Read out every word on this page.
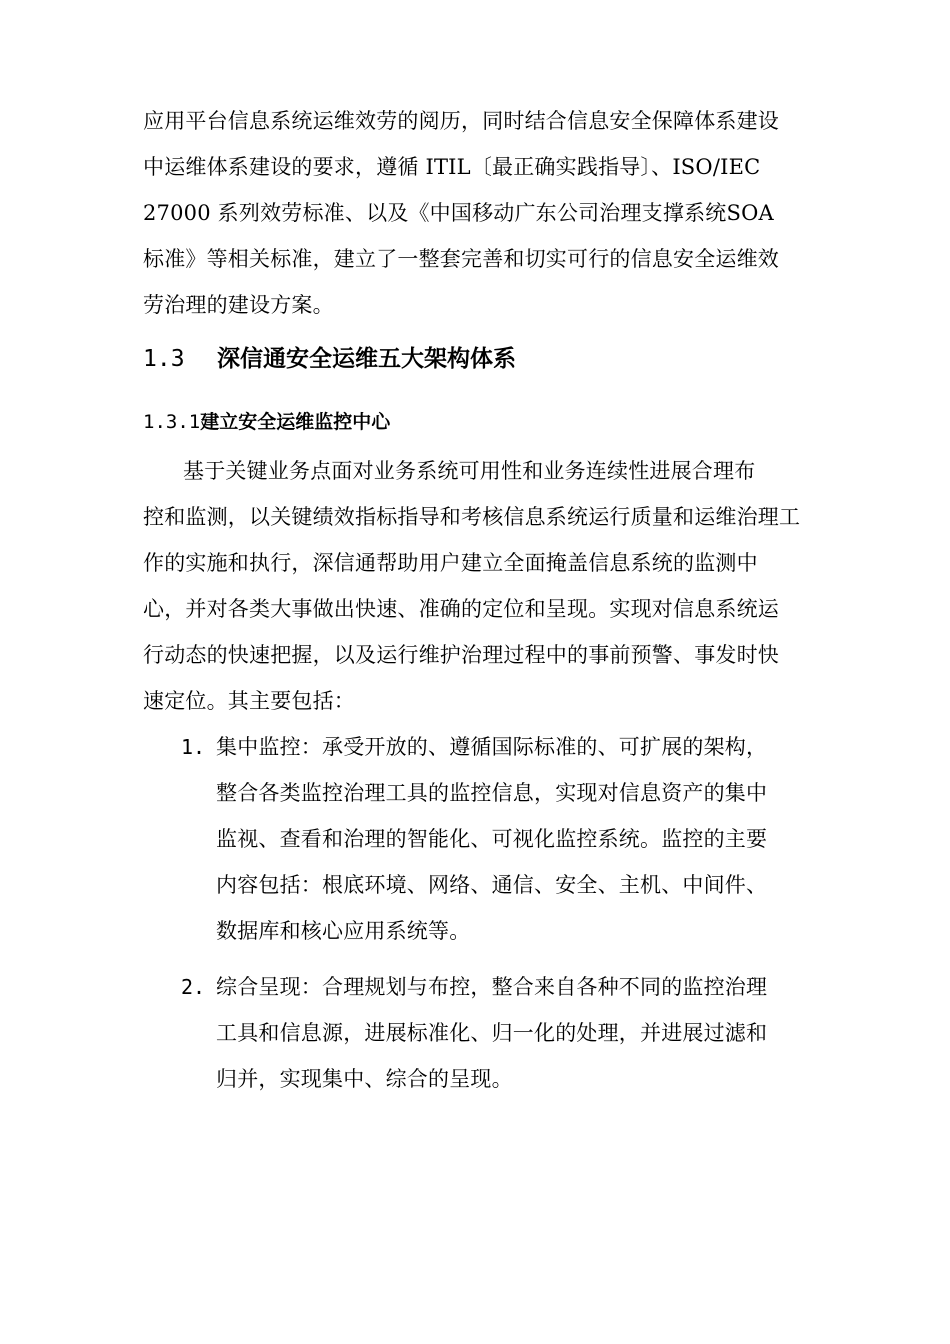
应用平台信息系统运维效劳的阅历，同时结合信息安全保障体系建设
中运维体系建设的要求，遵循 ITIL〔最正确实践指导〕、ISO/IEC
27000 系列效劳标准、以及《中国移动广东公司治理支撑系统SOA
标准》等相关标准，建立了一整套完善和切实可行的信息安全运维效
劳治理的建设方案。
1.3 深信通安全运维五大架构体系
1.3.1建立安全运维监控中心
基于关键业务点面对业务系统可用性和业务连续性进展合理布
控和监测，以关键绩效指标指导和考核信息系统运行质量和运维治理工
作的实施和执行，深信通帮助用户建立全面掩盖信息系统的监测中
心，并对各类大事做出快速、准确的定位和呈现。实现对信息系统运
行动态的快速把握，以及运行维护治理过程中的事前预警、事发时快
速定位。其主要包括：
1. 集中监控：承受开放的、遵循国际标准的、可扩展的架构，
整合各类监控治理工具的监控信息，实现对信息资产的集中
监视、查看和治理的智能化、可视化监控系统。监控的主要
内容包括：根底环境、网络、通信、安全、主机、中间件、
数据库和核心应用系统等。
2. 综合呈现：合理规划与布控，整合来自各种不同的监控治理
工具和信息源，进展标准化、归一化的处理，并进展过滤和
归并，实现集中、综合的呈现。
